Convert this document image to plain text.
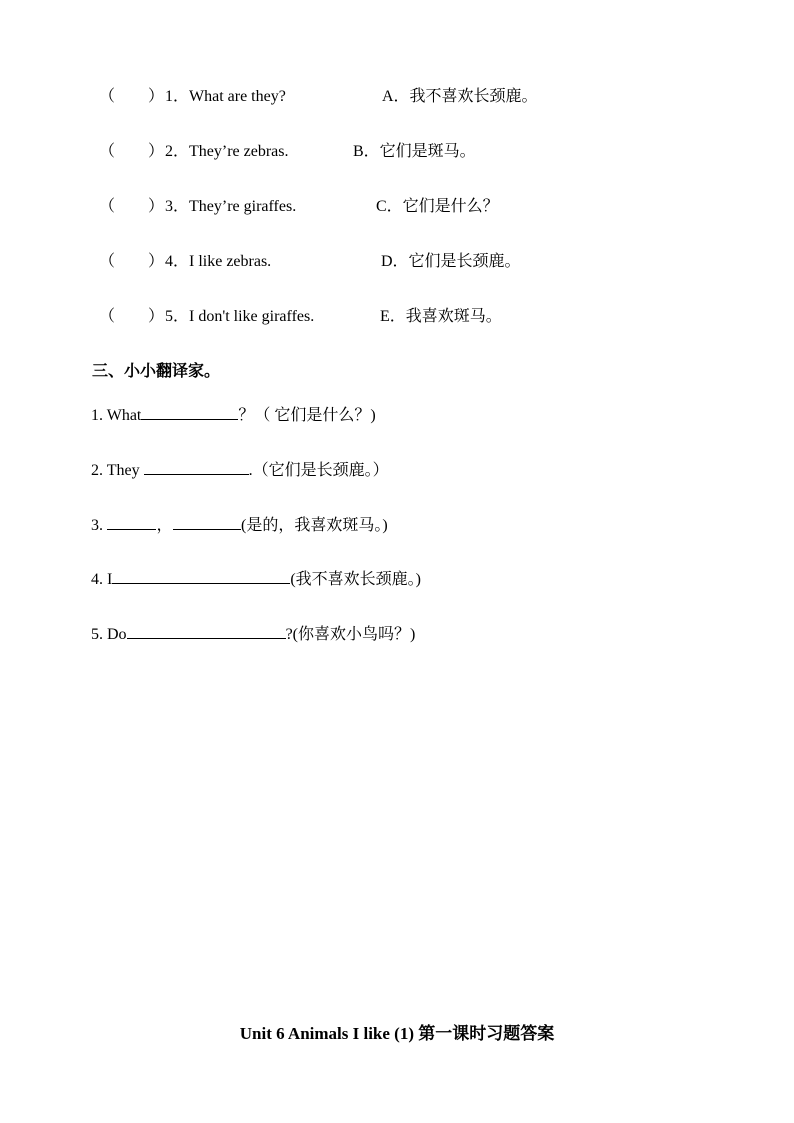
（ ） 1．What are they?	A．我不喜欢长颈鹿。
（ ） 2．They’re zebras.	B．它们是斑马。
（ ） 3．They’re giraffes.	C．它们是什么？
（ ） 4．I like zebras.	D．它们是长颈鹿。
（ ） 5．I don't like giraffes.	E．我喜欢斑马。
三、小小翻译家。
1. What	？（ 它们是什么？)
2. They	.（它们是长颈鹿。）
3.	，	(是的，我喜欢斑马。)
4. I	(我不喜欢长颈鹿。)
5. Do	?(你喜欢小鸟吗？)
Unit 6 Animals I like (1) 第一课时习题答案
